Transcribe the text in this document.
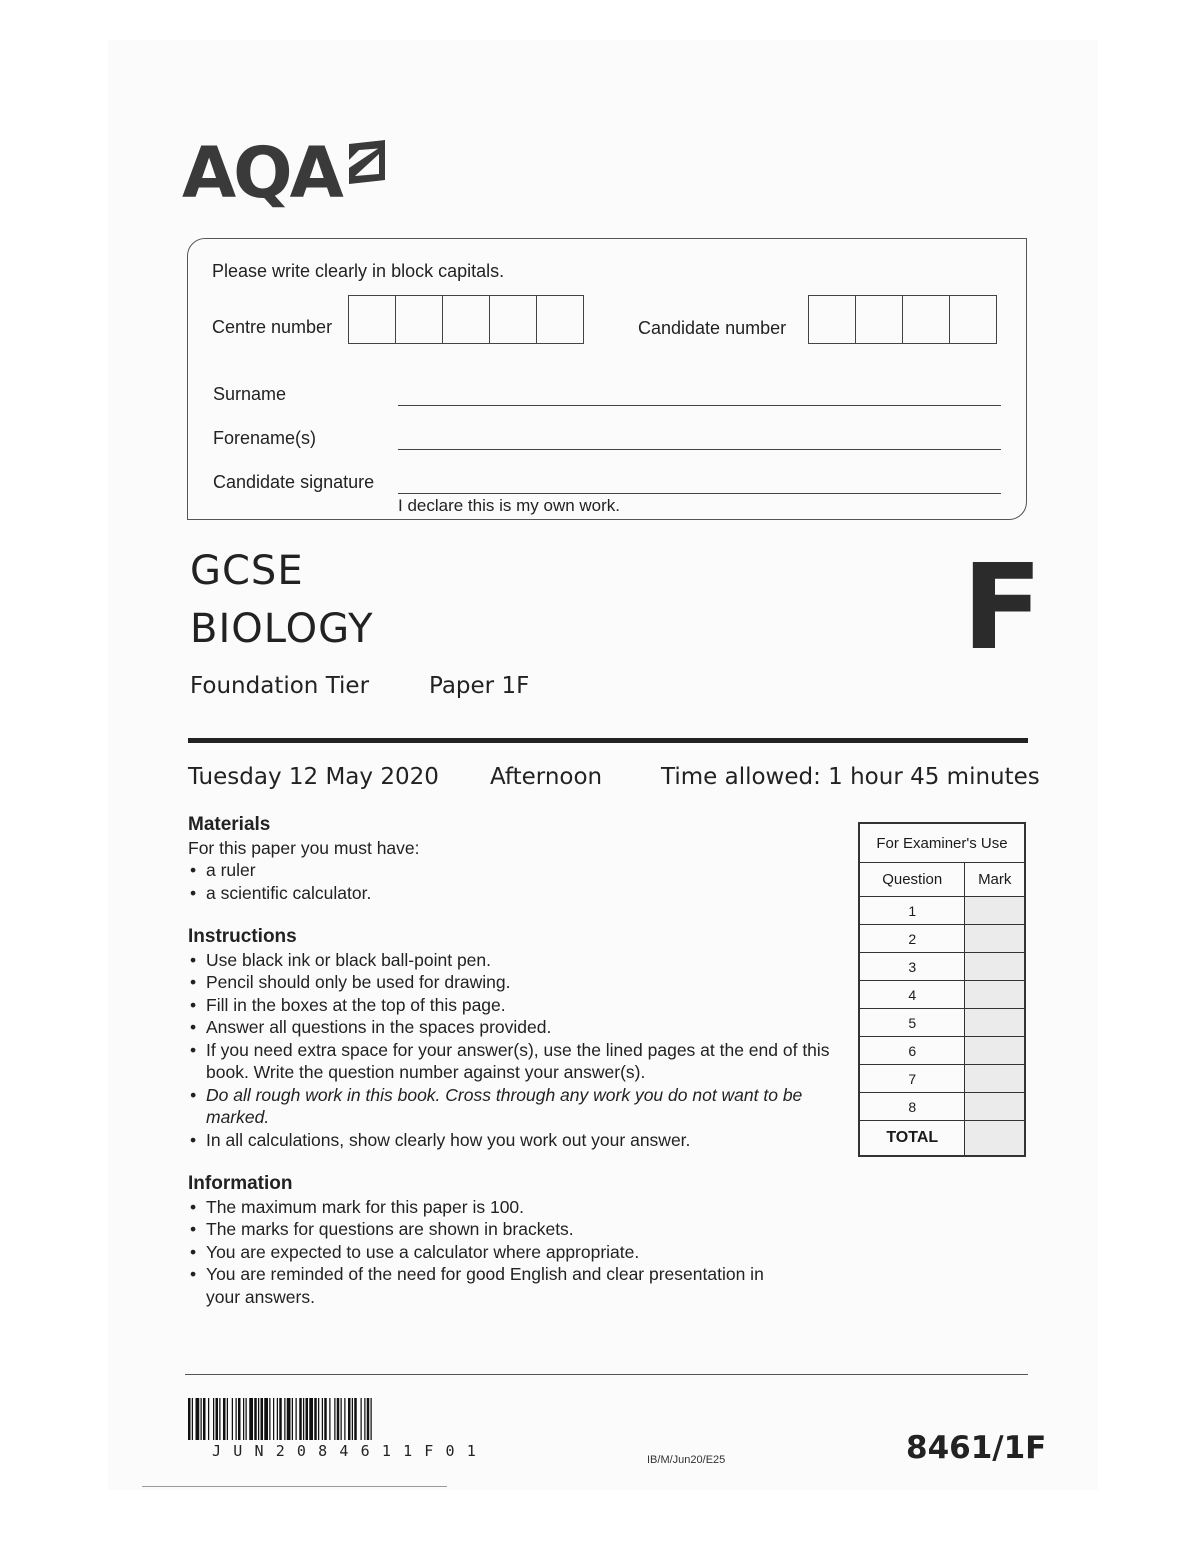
AQA
Please write clearly in block capitals.
Centre number	Candidate number
Surname
Forename(s)
Candidate signature
I declare this is my own work.
GCSE
BIOLOGY
Foundation Tier	Paper 1F
F
Tuesday 12 May 2020 Afternoon	Time allowed: 1 hour 45 minutes
Materials
For this paper you must have:
• a ruler
• a scientific calculator.
Instructions
• Use black ink or black ball-point pen.
• Pencil should only be used for drawing.
• Fill in the boxes at the top of this page.
• Answer all questions in the spaces provided.
• If you need extra space for your answer(s), use the lined pages at the end of this book. Write the question number against your answer(s).
• Do all rough work in this book. Cross through any work you do not want to be marked.
• In all calculations, show clearly how you work out your answer.
Information
• The maximum mark for this paper is 100.
• The marks for questions are shown in brackets.
• You are expected to use a calculator where appropriate.
• You are reminded of the need for good English and clear presentation in your answers.
For Examiner's Use	
Question	Mark
1	
2	
3	
4	
5	
6	
7	
8	
TOTAL	
JUN2084611F01	IB/M/Jun20/E25	8461/1F
